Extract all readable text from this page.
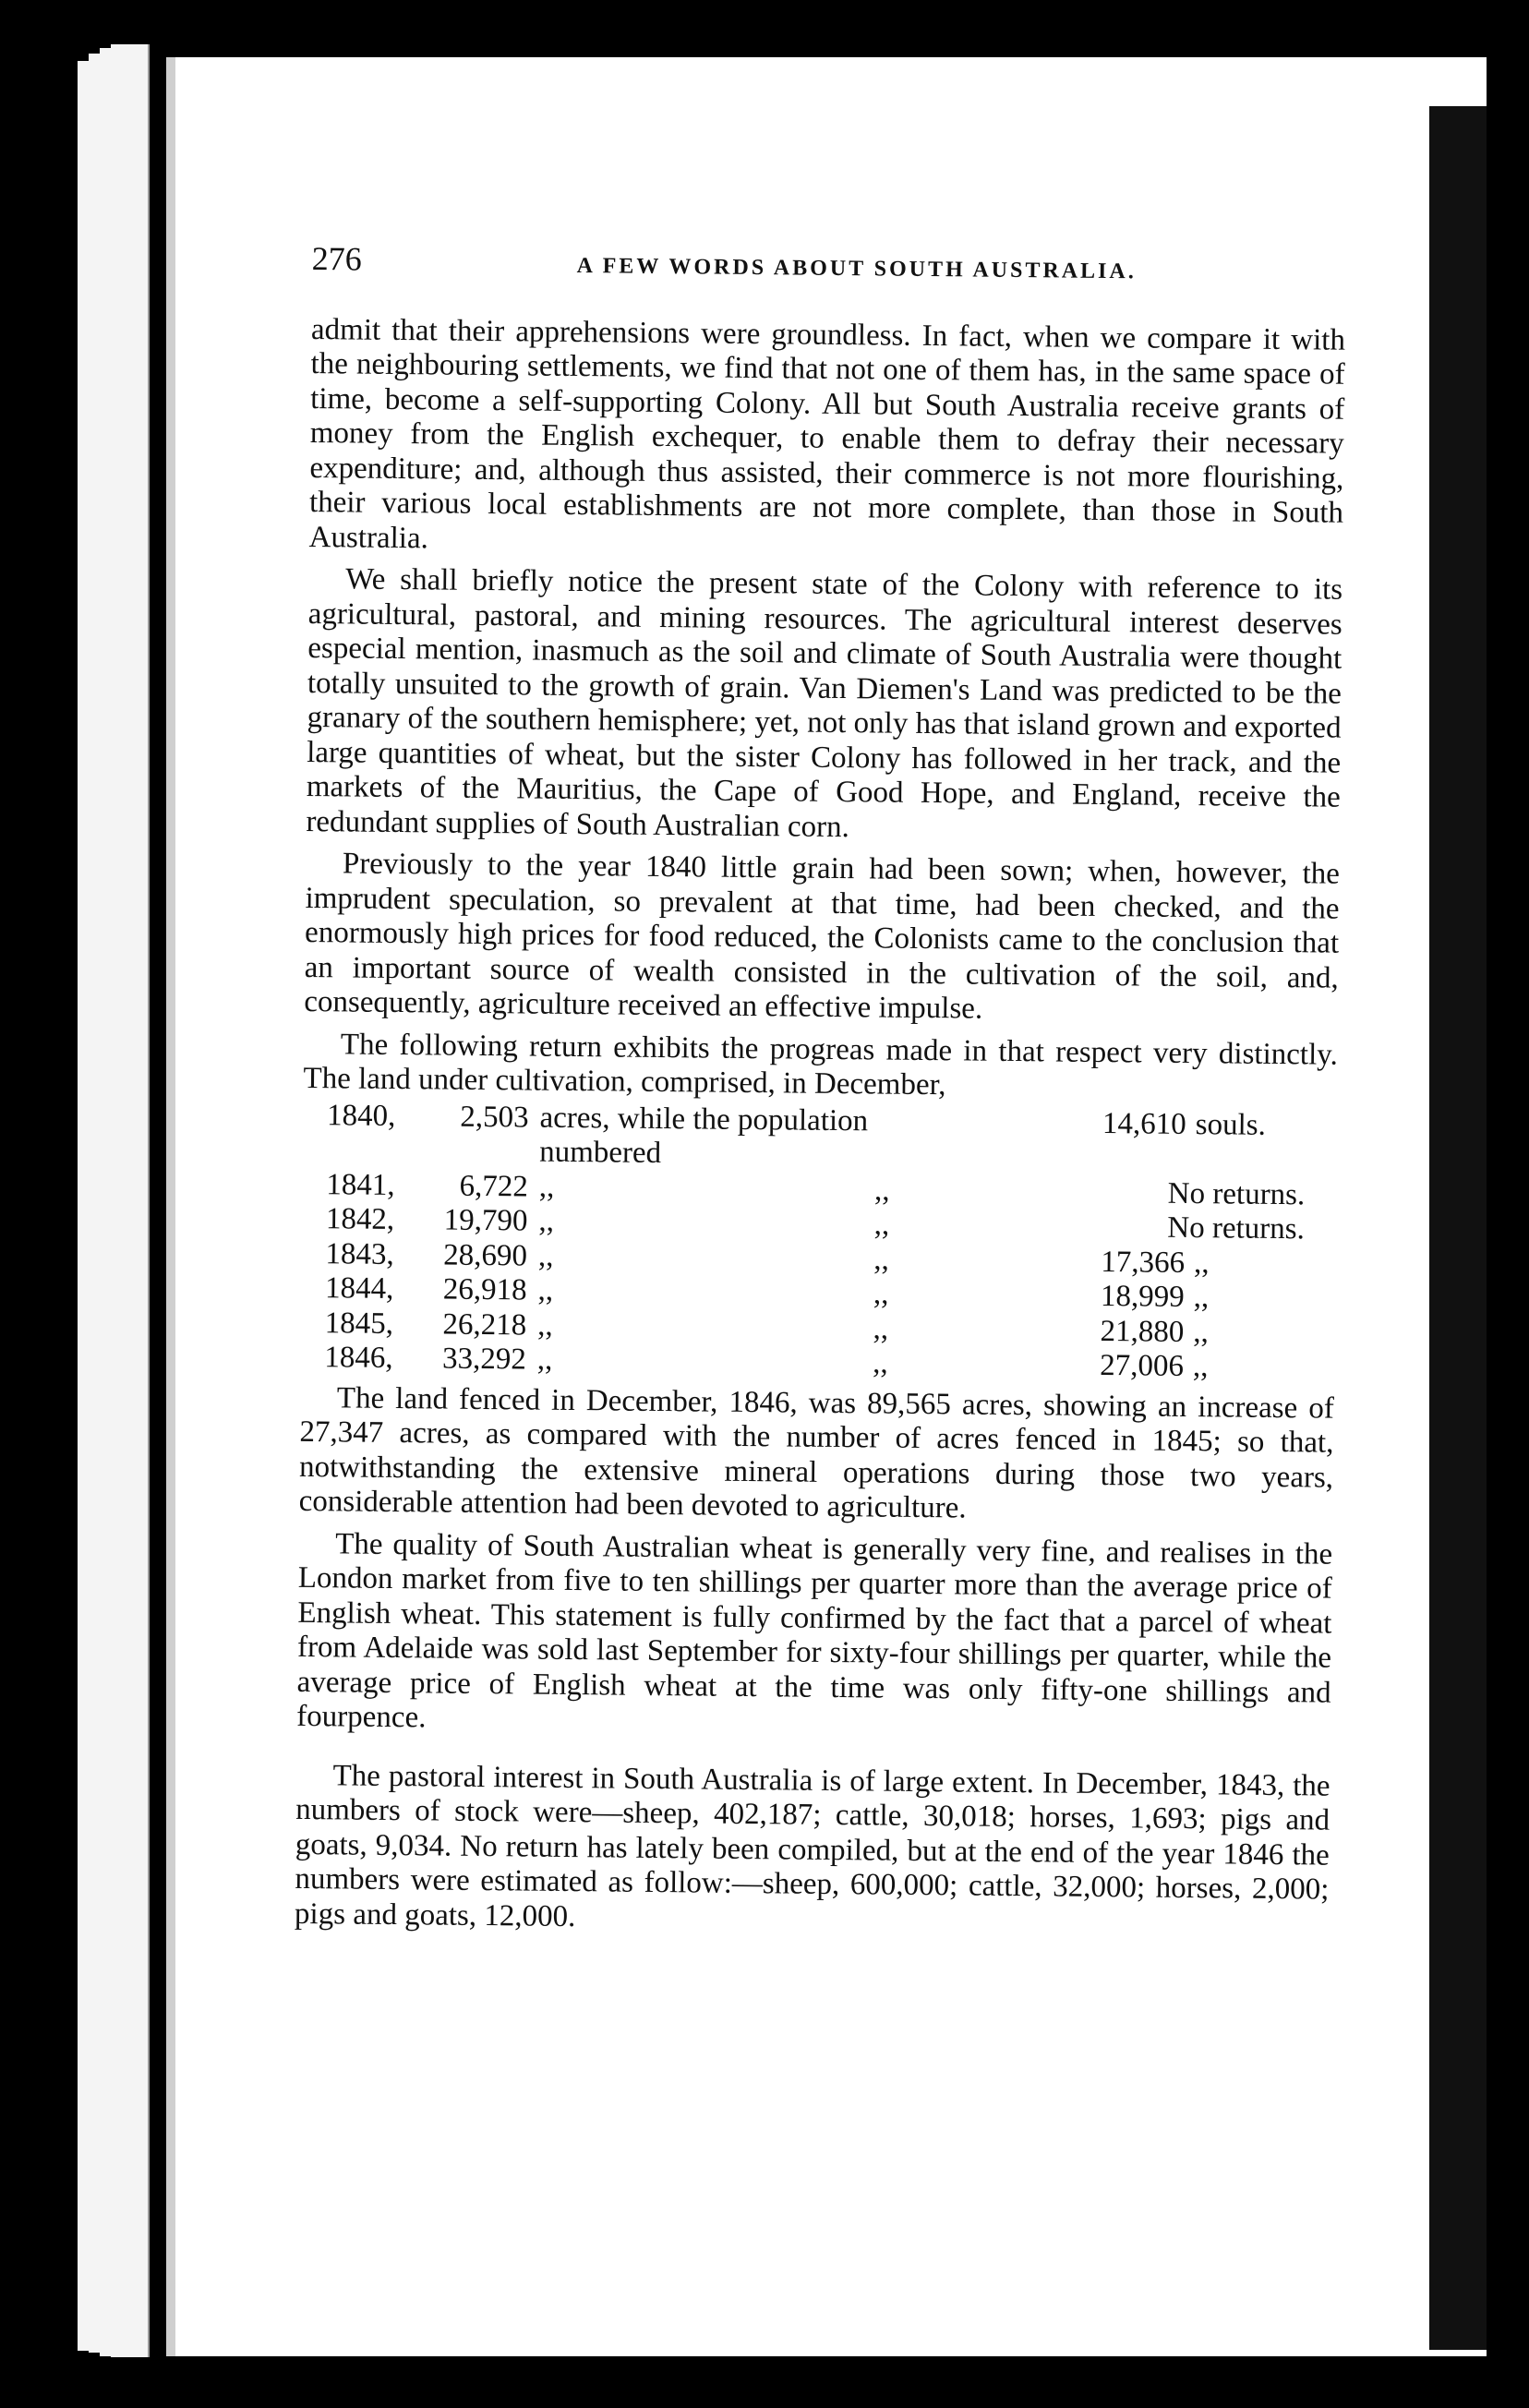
276	A FEW WORDS ABOUT SOUTH AUSTRALIA.

admit that their apprehensions were groundless. In fact, when we compare it with the neighbouring settlements, we find that not one of them has, in the same space of time, become a self-supporting Colony. All but South Australia receive grants of money from the English exchequer, to enable them to defray their necessary expenditure; and, although thus assisted, their commerce is not more flourishing, their various local establishments are not more complete, than those in South Australia.

We shall briefly notice the present state of the Colony with reference to its agricultural, pastoral, and mining resources. The agricultural interest deserves especial mention, inasmuch as the soil and climate of South Australia were thought totally unsuited to the growth of grain. Van Diemen's Land was predicted to be the granary of the southern hemisphere; yet, not only has that island grown and exported large quantities of wheat, but the sister Colony has followed in her track, and the markets of the Mauritius, the Cape of Good Hope, and England, receive the redundant supplies of South Australian corn.

Previously to the year 1840 little grain had been sown; when, however, the imprudent speculation, so prevalent at that time, had been checked, and the enormously high prices for food reduced, the Colonists came to the conclusion that an important source of wealth consisted in the cultivation of the soil, and, consequently, agriculture received an effective impulse.

The following return exhibits the progreas made in that respect very distinctly. The land under cultivation, comprised, in December,

1840,	2,503	acres, while the population numbered		14,610	souls.
1841,	6,722	,,	,,	No returns.	
1842,	19,790	,,	,,	No returns.	
1843,	28,690	,,	,,	17,366	,,
1844,	26,918	,,	,,	18,999	,,
1845,	26,218	,,	,,	21,880	,,
1846,	33,292	,,	,,	27,006	,,

The land fenced in December, 1846, was 89,565 acres, showing an increase of 27,347 acres, as compared with the number of acres fenced in 1845; so that, notwithstanding the extensive mineral operations during those two years, considerable attention had been devoted to agriculture.

The quality of South Australian wheat is generally very fine, and realises in the London market from five to ten shillings per quarter more than the average price of English wheat. This statement is fully confirmed by the fact that a parcel of wheat from Adelaide was sold last September for sixty-four shillings per quarter, while the average price of English wheat at the time was only fifty-one shillings and fourpence.

The pastoral interest in South Australia is of large extent. In December, 1843, the numbers of stock were—sheep, 402,187; cattle, 30,018; horses, 1,693; pigs and goats, 9,034. No return has lately been compiled, but at the end of the year 1846 the numbers were estimated as follow:—sheep, 600,000; cattle, 32,000; horses, 2,000; pigs and goats, 12,000.
